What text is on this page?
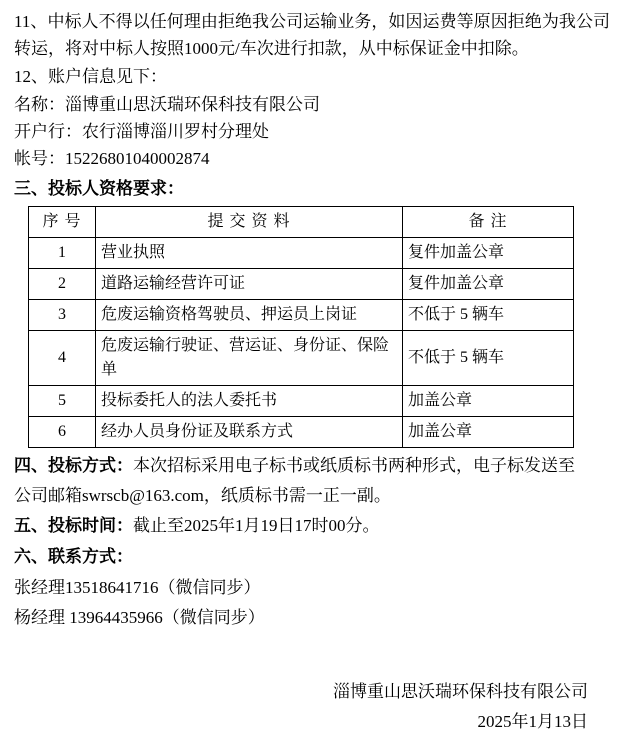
11、中标人不得以任何理由拒绝我公司运输业务，如因运费等原因拒绝为我公司转运，将对中标人按照1000元/车次进行扣款，从中标保证金中扣除。

12、账户信息见下：

名称：淄博重山思沃瑞环保科技有限公司

开户行：农行淄博淄川罗村分理处

帐号：15226801040002874

三、投标人资格要求：

序 号	提 交 资 料	备 注
1	营业执照	复件加盖公章
2	道路运输经营许可证	复件加盖公章
3	危废运输资格驾驶员、押运员上岗证	不低于 5 辆车
4	危废运输行驶证、营运证、身份证、保险单	不低于 5 辆车
5	投标委托人的法人委托书	加盖公章
6	经办人员身份证及联系方式	加盖公章

四、投标方式：本次招标采用电子标书或纸质标书两种形式，电子标发送至

公司邮箱swrscb@163.com，纸质标书需一正一副。

五、投标时间：截止至2025年1月19日17时00分。

六、联系方式：

张经理13518641716（微信同步）

杨经理 13964435966（微信同步）

淄博重山思沃瑞环保科技有限公司

2025年1月13日
